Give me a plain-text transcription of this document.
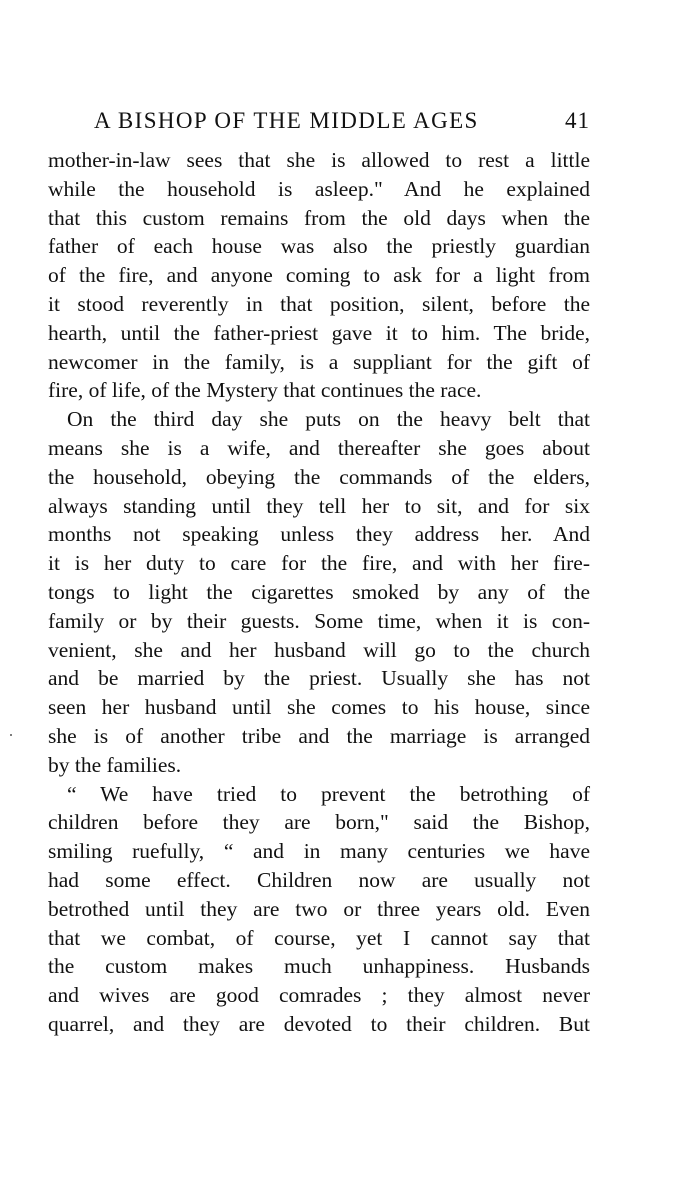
A BISHOP OF THE MIDDLE AGES	41
mother-in-law sees that she is allowed to rest a little
while the household is asleep." And he explained
that this custom remains from the old days when the
father of each house was also the priestly guardian
of the fire, and anyone coming to ask for a light from
it stood reverently in that position, silent, before the
hearth, until the father-priest gave it to him. The bride,
newcomer in the family, is a suppliant for the gift of
fire, of life, of the Mystery that continues the race.
On the third day she puts on the heavy belt that
means she is a wife, and thereafter she goes about
the household, obeying the commands of the elders,
always standing until they tell her to sit, and for six
months not speaking unless they address her. And
it is her duty to care for the fire, and with her fire-
tongs to light the cigarettes smoked by any of the
family or by their guests. Some time, when it is con-
venient, she and her husband will go to the church
and be married by the priest. Usually she has not
seen her husband until she comes to his house, since
she is of another tribe and the marriage is arranged
by the families.
“ We have tried to prevent the betrothing of
children before they are born," said the Bishop,
smiling ruefully, “ and in many centuries we have
had some effect. Children now are usually not
betrothed until they are two or three years old. Even
that we combat, of course, yet I cannot say that
the custom makes much unhappiness. Husbands
and wives are good comrades ; they almost never
quarrel, and they are devoted to their children. But
